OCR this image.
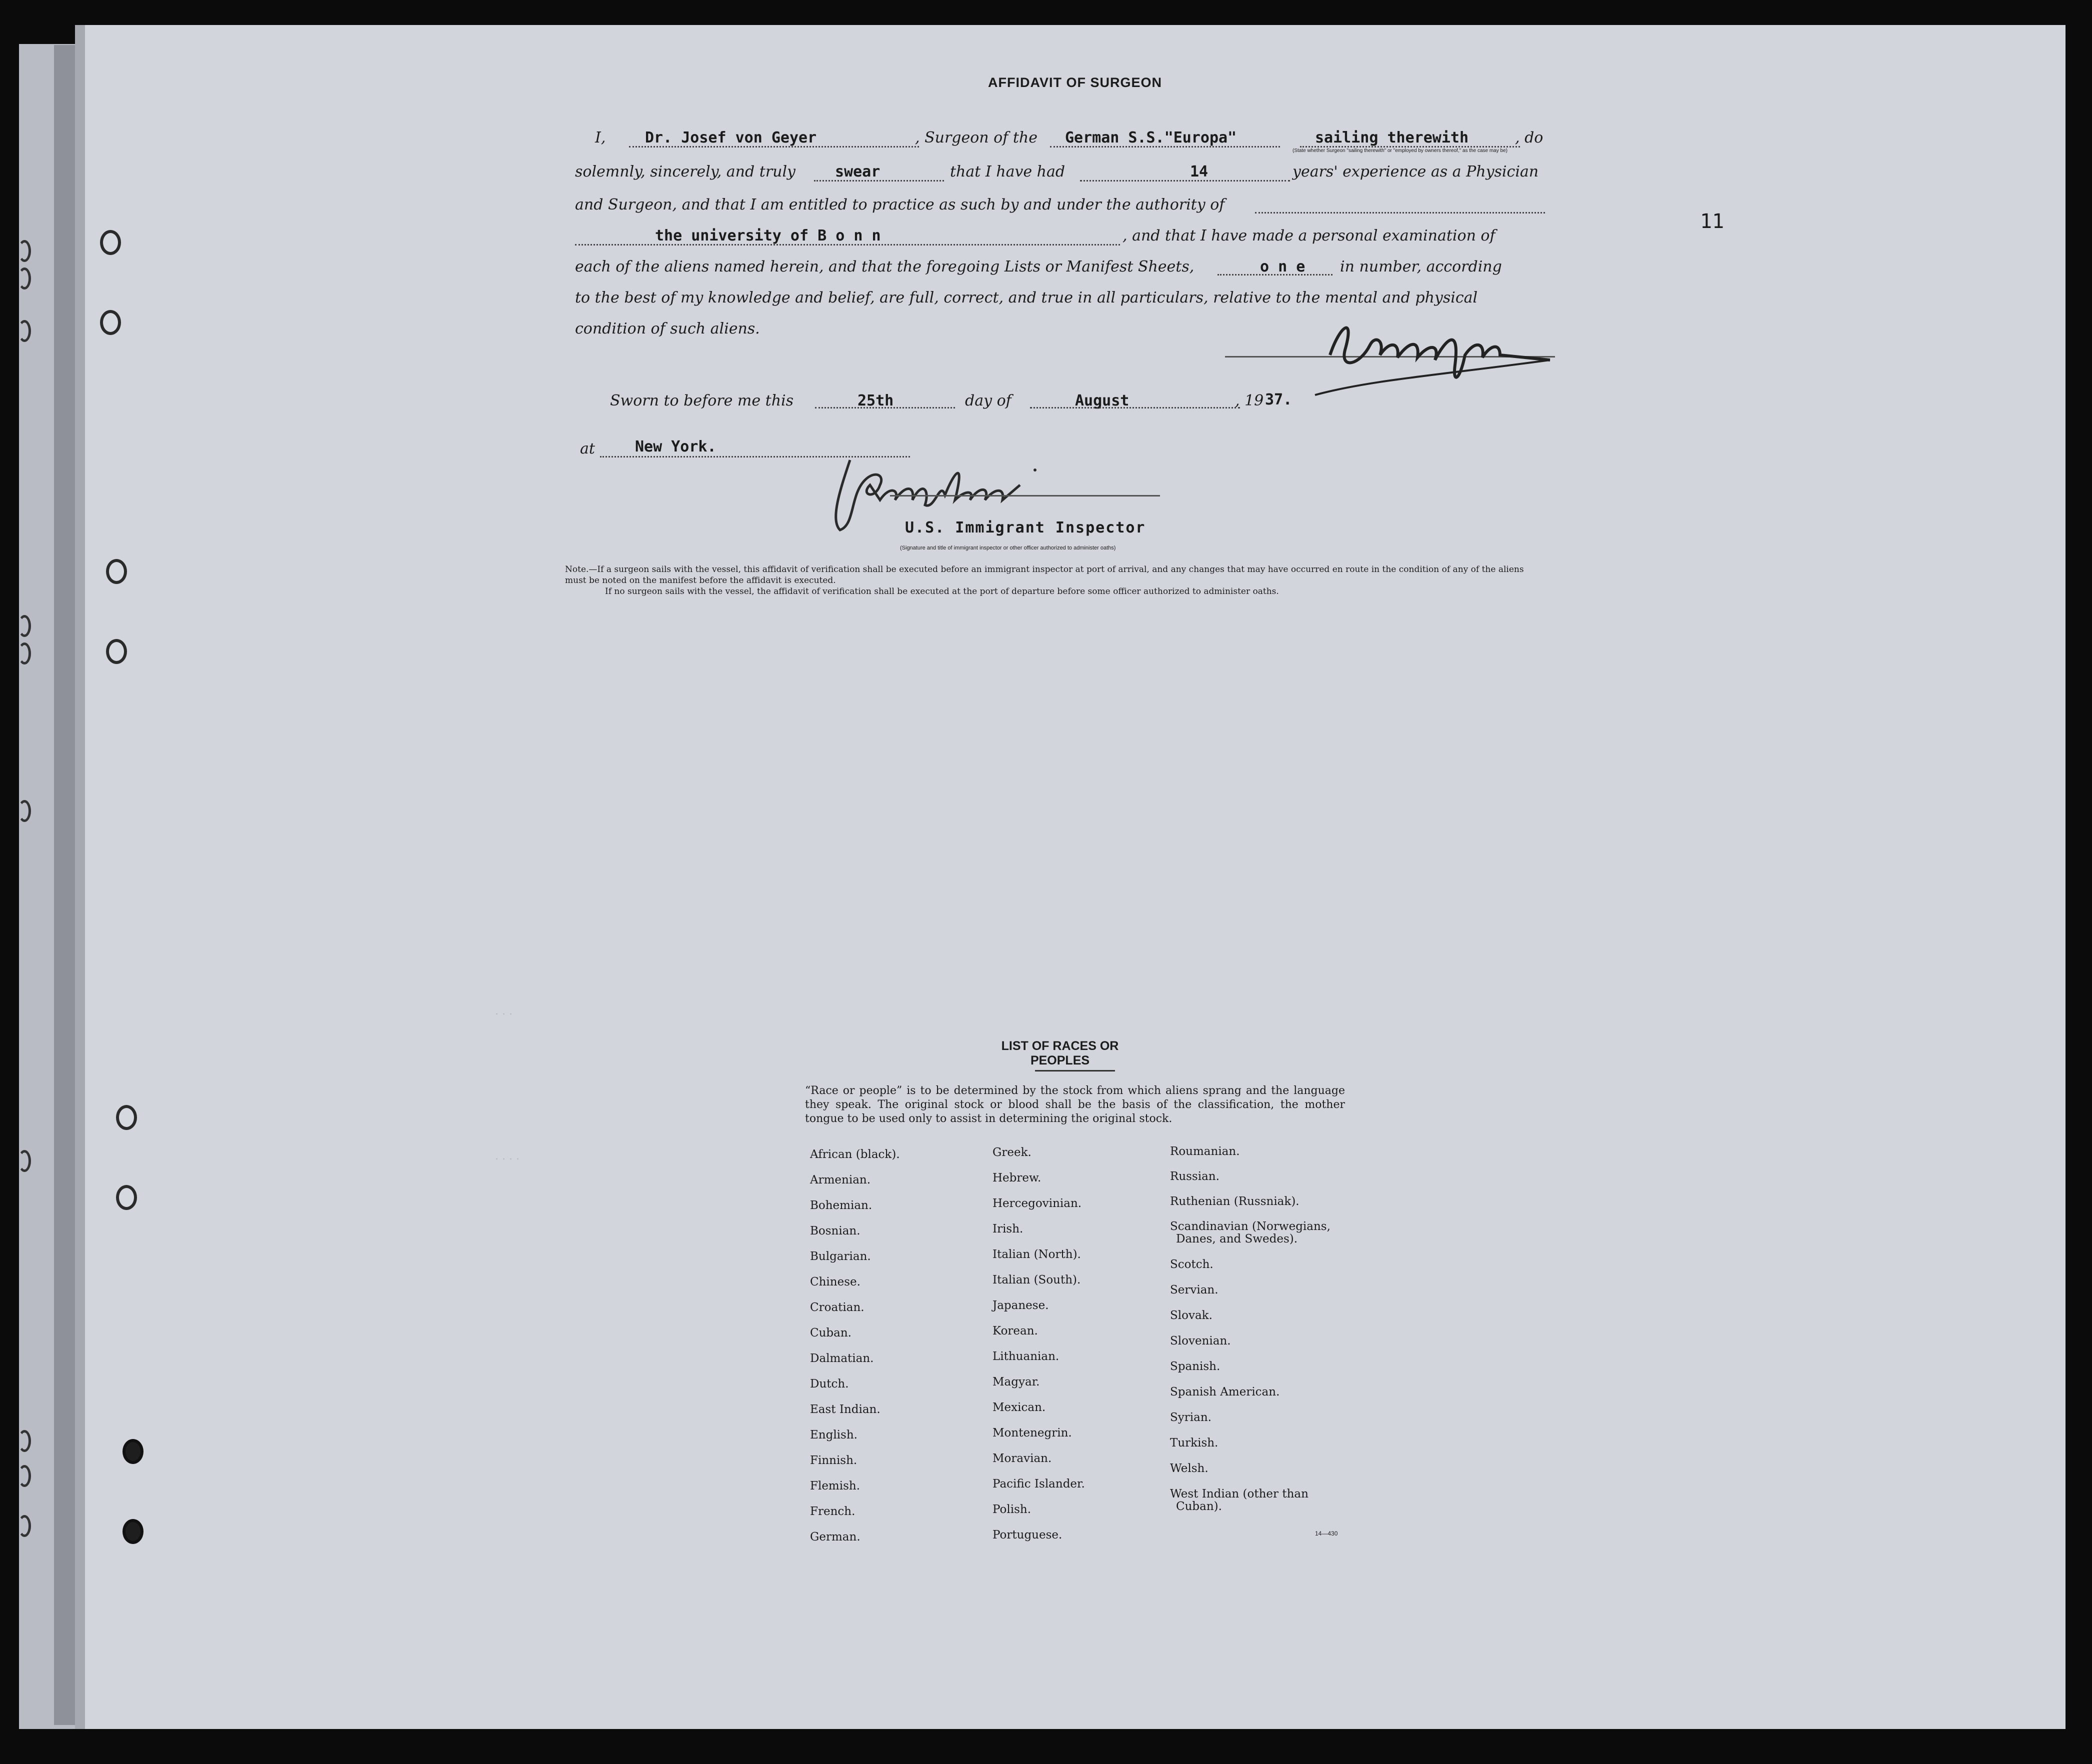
AFFIDAVIT OF SURGEON
I,	Dr. Josef von Geyer	, Surgeon of the German S.S."Europa"	sailing therewith	, do
(State whether Surgeon "sailing therewith" or "employed by owners thereof," as the case may be)
solemnly, sincerely, and truly	swear	that I have had	14	years' experience as a Physician
and Surgeon, and that I am entitled to practice as such by and under the authority of
the university of B o n n	, and that I have made a personal examination of
each of the aliens named herein, and that the foregoing Lists or Manifest Sheets,	o n e in number, according
to the best of my knowledge and belief, are full, correct, and true in all particulars, relative to the mental and physical
condition of such aliens.
Sworn to before me this	25th	day of	August	, 19 37.
at	New York.
U.S. Immigrant Inspector
(Signature and title of immigrant inspector or other officer authorized to administer oaths)

Note.—If a surgeon sails with the vessel, this affidavit of verification shall be executed before an immigrant inspector at port of arrival, and any changes that may have occurred en route in the condition of any of the aliens must be noted on the manifest before the affidavit is executed.

If no surgeon sails with the vessel, the affidavit of verification shall be executed at the port of departure before some officer authorized to administer oaths.

11
. . .
. . . .
LIST OF RACES OR PEOPLES
“Race or people” is to be determined by the stock from which aliens sprang and the language they speak. The original stock or blood shall be the basis of the classification, the mother tongue to be used only to assist in determining the original stock.
African (black).
Armenian.
Bohemian.
Bosnian.
Bulgarian.
Chinese.
Croatian.
Cuban.
Dalmatian.
Dutch.
East Indian.
English.
Finnish.
Flemish.
French.
German.
Greek.
Hebrew.
Hercegovinian.
Irish.
Italian (North).
Italian (South).
Japanese.
Korean.
Lithuanian.
Magyar.
Mexican.
Montenegrin.
Moravian.
Pacific Islander.
Polish.
Portuguese.
Roumanian.
Russian.
Ruthenian (Russniak).
Scandinavian (Norwegians,
Danes, and Swedes).
Scotch.
Servian.
Slovak.
Slovenian.
Spanish.
Spanish American.
Syrian.
Turkish.
Welsh.
West Indian (other than
Cuban).
14—430
